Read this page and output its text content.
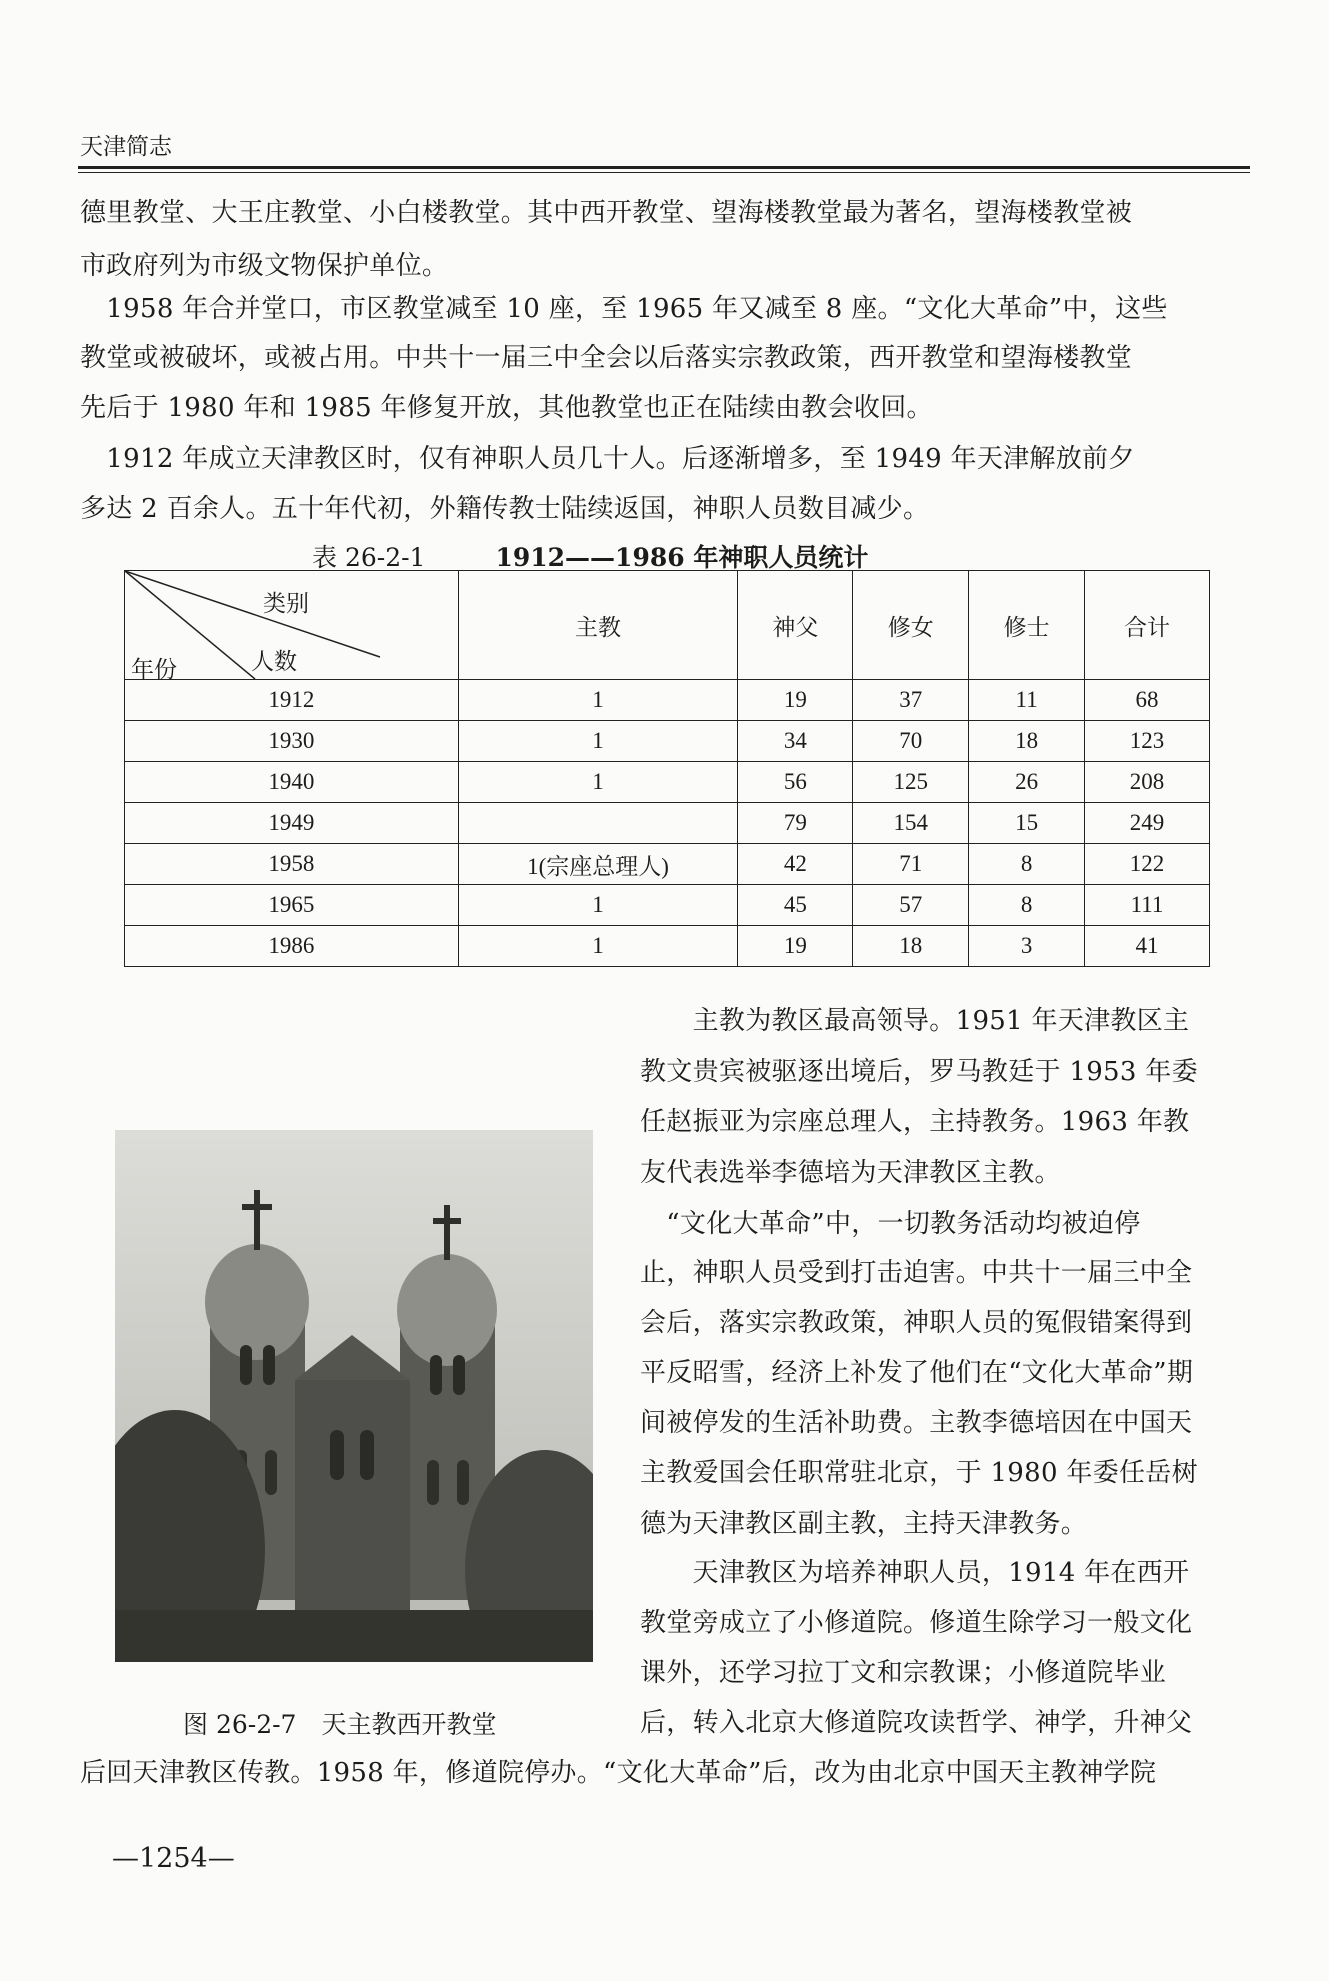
天津简志
德里教堂、大王庄教堂、小白楼教堂。其中西开教堂、望海楼教堂最为著名，望海楼教堂被
市政府列为市级文物保护单位。
　1958 年合并堂口，市区教堂减至 10 座，至 1965 年又减至 8 座。“文化大革命”中，这些
教堂或被破坏，或被占用。中共十一届三中全会以后落实宗教政策，西开教堂和望海楼教堂
先后于 1980 年和 1985 年修复开放，其他教堂也正在陆续由教会收回。
　1912 年成立天津教区时，仅有神职人员几十人。后逐渐增多，至 1949 年天津解放前夕
多达 2 百余人。五十年代初，外籍传教士陆续返国，神职人员数目减少。
表 26-2-1	1912——1986 年神职人员统计
类别
人数
年份	主教	神父	修女	修士	合计
1912	1	19	37	11	68
1930	1	34	70	18	123
1940	1	56	125	26	208
1949		79	154	15	249
1958	1(宗座总理人)	42	71	8	122
1965	1	45	57	8	111
1986	1	19	18	3	41
　　主教为教区最高领导。1951 年天津教区主
教文贵宾被驱逐出境后，罗马教廷于 1953 年委
任赵振亚为宗座总理人，主持教务。1963 年教
友代表选举李德培为天津教区主教。
　“文化大革命”中，一切教务活动均被迫停
止，神职人员受到打击迫害。中共十一届三中全
会后，落实宗教政策，神职人员的冤假错案得到
平反昭雪，经济上补发了他们在“文化大革命”期
间被停发的生活补助费。主教李德培因在中国天
主教爱国会任职常驻北京，于 1980 年委任岳树
德为天津教区副主教，主持天津教务。
　　天津教区为培养神职人员，1914 年在西开
教堂旁成立了小修道院。修道生除学习一般文化
课外，还学习拉丁文和宗教课；小修道院毕业
后，转入北京大修道院攻读哲学、神学，升神父
图 26-2-7　天主教西开教堂
后回天津教区传教。1958 年，修道院停办。“文化大革命”后，改为由北京中国天主教神学院
—1254—
